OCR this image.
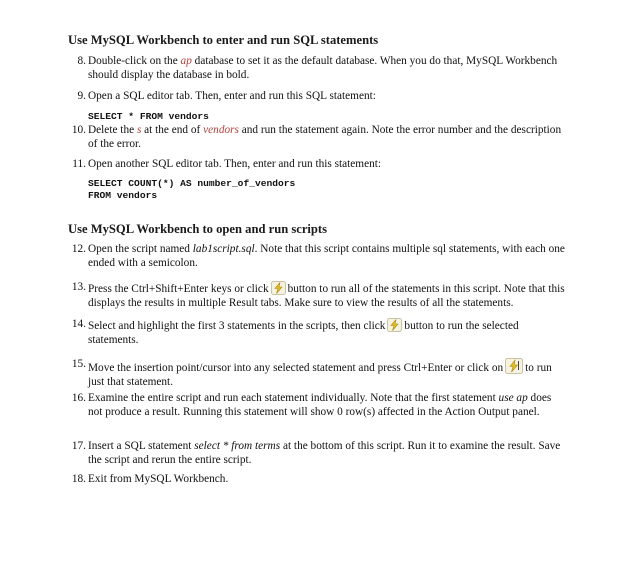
Use MySQL Workbench to enter and run SQL statements
8. Double-click on the ap database to set it as the default database. When you do that, MySQL Workbench should display the database in bold.
9. Open a SQL editor tab. Then, enter and run this SQL statement:
SELECT * FROM vendors
10. Delete the s at the end of vendors and run the statement again. Note the error number and the description of the error.
11. Open another SQL editor tab. Then, enter and run this statement:
SELECT COUNT(*) AS number_of_vendors
FROM vendors
Use MySQL Workbench to open and run scripts
12. Open the script named lab1script.sql. Note that this script contains multiple sql statements, with each one ended with a semicolon.
13. Press the Ctrl+Shift+Enter keys or click button to run all of the statements in this script. Note that this displays the results in multiple Result tabs. Make sure to view the results of all the statements.
14. Select and highlight the first 3 statements in the scripts, then click button to run the selected statements.
15. Move the insertion point/cursor into any selected statement and press Ctrl+Enter or click on to run just that statement.
16. Examine the entire script and run each statement individually. Note that the first statement use ap does not produce a result. Running this statement will show 0 row(s) affected in the Action Output panel.
17. Insert a SQL statement select * from terms at the bottom of this script. Run it to examine the result. Save the script and rerun the entire script.
18. Exit from MySQL Workbench.
